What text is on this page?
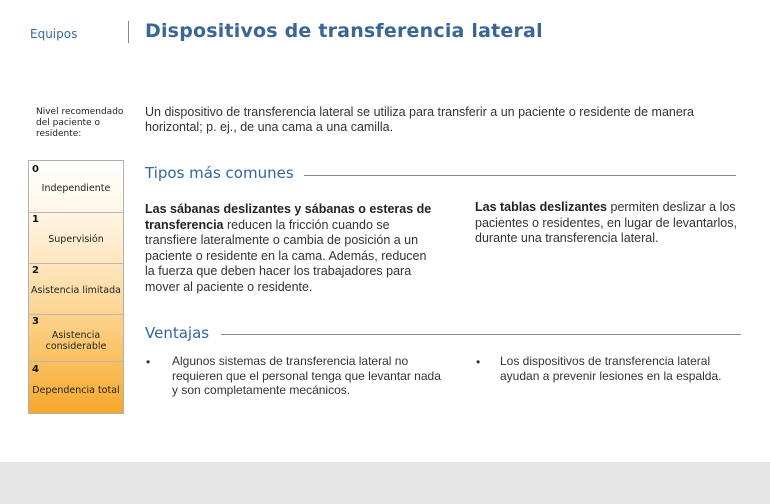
Equipos	Dispositivos de transferencia lateral
Nivel recomendado del paciente o residente:
Un dispositivo de transferencia lateral se utiliza para transferir a un paciente o residente de manera horizontal; p. ej., de una cama a una camilla.
0
Independiente
1
Supervisión
2
Asistencia limitada
3
Asistencia
considerable
4
Dependencia total
Tipos más comunes
Las sábanas deslizantes y sábanas o esteras de transferencia reducen la fricción cuando se transfiere lateralmente o cambia de posición a un paciente o residente en la cama. Además, reducen la fuerza que deben hacer los trabajadores para mover al paciente o residente.
Las tablas deslizantes permiten deslizar a los pacientes o residentes, en lugar de levantarlos, durante una transferencia lateral.
Ventajas
• Algunos sistemas de transferencia lateral no requieren que el personal tenga que levantar nada y son completamente mecánicos.
• Los dispositivos de transferencia lateral ayudan a prevenir lesiones en la espalda.
